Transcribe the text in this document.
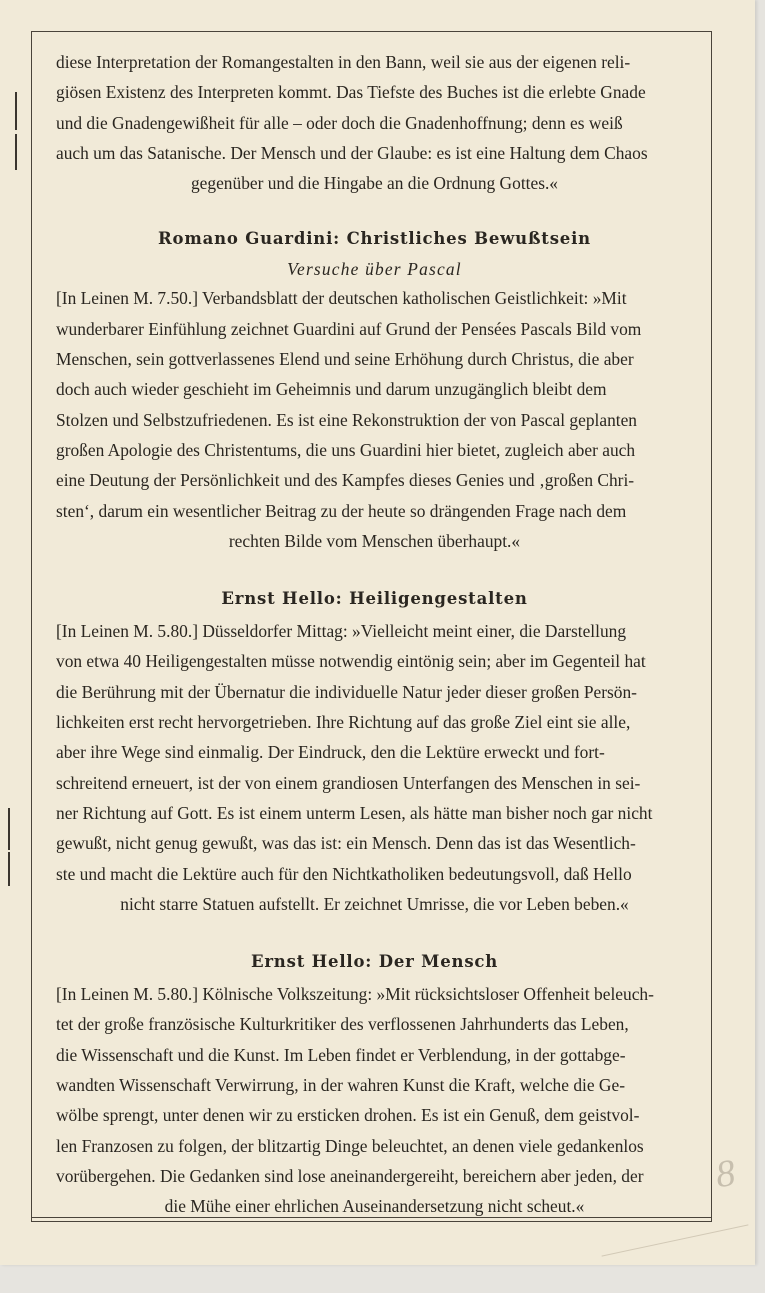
diese Interpretation der Romangestalten in den Bann, weil sie aus der eigenen reli-
giösen Existenz des Interpreten kommt. Das Tiefste des Buches ist die erlebte Gnade
und die Gnadengewißheit für alle – oder doch die Gnadenhoffnung; denn es weiß
auch um das Satanische. Der Mensch und der Glaube: es ist eine Haltung dem Chaos

gegenüber und die Hingabe an die Ordnung Gottes.«

Romano Guardini: Christliches Bewußtsein

Versuche über Pascal

[In Leinen M. 7.50.] Verbandsblatt der deutschen katholischen Geistlichkeit: »Mit
wunderbarer Einfühlung zeichnet Guardini auf Grund der Pensées Pascals Bild vom
Menschen, sein gottverlassenes Elend und seine Erhöhung durch Christus, die aber
doch auch wieder geschieht im Geheimnis und darum unzugänglich bleibt dem
Stolzen und Selbstzufriedenen. Es ist eine Rekonstruktion der von Pascal geplanten
großen Apologie des Christentums, die uns Guardini hier bietet, zugleich aber auch
eine Deutung der Persönlichkeit und des Kampfes dieses Genies und ‚großen Chri-
sten‘, darum ein wesentlicher Beitrag zu der heute so drängenden Frage nach dem

rechten Bilde vom Menschen überhaupt.«

Ernst Hello: Heiligengestalten

[In Leinen M. 5.80.] Düsseldorfer Mittag: »Vielleicht meint einer, die Darstellung
von etwa 40 Heiligengestalten müsse notwendig eintönig sein; aber im Gegenteil hat
die Berührung mit der Übernatur die individuelle Natur jeder dieser großen Persön-
lichkeiten erst recht hervorgetrieben. Ihre Richtung auf das große Ziel eint sie alle,
aber ihre Wege sind einmalig. Der Eindruck, den die Lektüre erweckt und fort-
schreitend erneuert, ist der von einem grandiosen Unterfangen des Menschen in sei-
ner Richtung auf Gott. Es ist einem unterm Lesen, als hätte man bisher noch gar nicht
gewußt, nicht genug gewußt, was das ist: ein Mensch. Denn das ist das Wesentlich-
ste und macht die Lektüre auch für den Nichtkatholiken bedeutungsvoll, daß Hello

nicht starre Statuen aufstellt. Er zeichnet Umrisse, die vor Leben beben.«

Ernst Hello: Der Mensch

[In Leinen M. 5.80.] Kölnische Volkszeitung: »Mit rücksichtsloser Offenheit beleuch-
tet der große französische Kulturkritiker des verflossenen Jahrhunderts das Leben,
die Wissenschaft und die Kunst. Im Leben findet er Verblendung, in der gottabge-
wandten Wissenschaft Verwirrung, in der wahren Kunst die Kraft, welche die Ge-
wölbe sprengt, unter denen wir zu ersticken drohen. Es ist ein Genuß, dem geistvol-
len Franzosen zu folgen, der blitzartig Dinge beleuchtet, an denen viele gedankenlos
vorübergehen. Die Gedanken sind lose aneinandergereiht, bereichern aber jeden, der

die Mühe einer ehrlichen Auseinandersetzung nicht scheut.«

8
